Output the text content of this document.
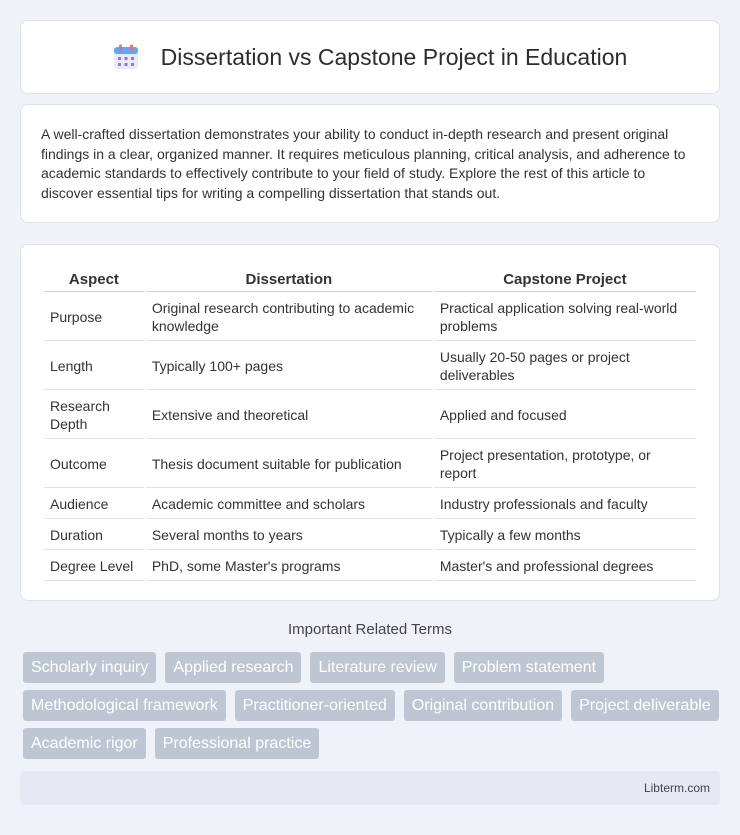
Dissertation vs Capstone Project in Education

A well-crafted dissertation demonstrates your ability to conduct in-depth research and present original findings in a clear, organized manner. It requires meticulous planning, critical analysis, and adherence to academic standards to effectively contribute to your field of study. Explore the rest of this article to discover essential tips for writing a compelling dissertation that stands out.

Aspect	Dissertation	Capstone Project
Purpose	Original research contributing to academic knowledge	Practical application solving real-world problems
Length	Typically 100+ pages	Usually 20-50 pages or project deliverables
Research Depth	Extensive and theoretical	Applied and focused
Outcome	Thesis document suitable for publication	Project presentation, prototype, or report
Audience	Academic committee and scholars	Industry professionals and faculty
Duration	Several months to years	Typically a few months
Degree Level	PhD, some Master's programs	Master's and professional degrees
Important Related Terms
Scholarly inquiry	Applied research	Literature review	Problem statement
Methodological framework	Practitioner-oriented	Original contribution	Project deliverable
Academic rigor	Professional practice
Libterm.com
